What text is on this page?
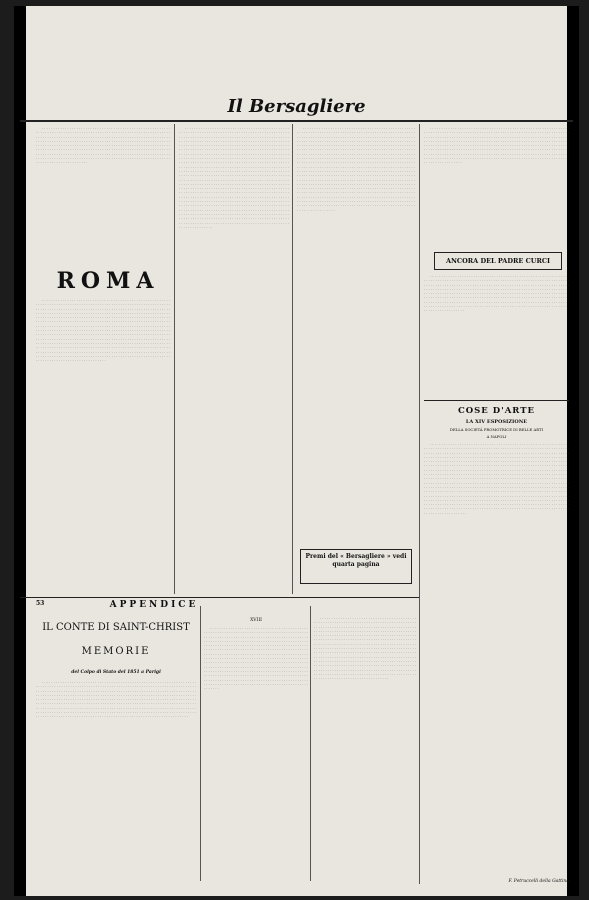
Il Bersagliere

. . . . . . . . . . . . . . . . . . . . . . . . . . . . . . . . . . . . . . . . . . . . . . . . . . . . . . . . . . . . . . . . . . . . . . . . . . . . . . . . . . . . . . . . . . . . . . . . . . . . . . . . . . . . . . . . . . . . . . . . . . . . . . . . . . . . . . . . . . . . . . . . . . . . . . . . . . . . . . . . . . . . . . . . . . . . . . . . . . . . . . . . . . . . . . . . . . . . . . . . . . . . . . . . . . . . . . . . . . . . . . . . . . . . . . . . . . . . . . . . . . . . . . . . . . . . . . . . . . . . . . . . . . . . . . . . . . . . . . . . . . . . . . . . . . . . . . . . . . . . . . . . . . . . . . . . . . . . . . . . . . . . . . . . . . . . . . . . . . . . . . . . . . . . . . . . . . . . . . . . . . . . . . . . . . . . . . . . . . . . . . . . . . . . . . . . . . . . . . . . . . . . . . . . . . . . . . . . . . . . . . . . . . . . . . . . . . . . . . . . . . . . . . . . . . . . . . . . . . . . . . . . . . . . . . . . . . . . . . . . . . . . . . . . . . . .

ROMA

. . . . . . . . . . . . . . . . . . . . . . . . . . . . . . . . . . . . . . . . . . . . . . . . . . . . . . . . . . . . . . . . . . . . . . . . . . . . . . . . . . . . . . . . . . . . . . . . . . . . . . . . . . . . . . . . . . . . . . . . . . . . . . . . . . . . . . . . . . . . . . . . . . . . . . . . . . . . . . . . . . . . . . . . . . . . . . . . . . . . . . . . . . . . . . . . . . . . . . . . . . . . . . . . . . . . . . . . . . . . . . . . . . . . . . . . . . . . . . . . . . . . . . . . . . . . . . . . . . . . . . . . . . . . . . . . . . . . . . . . . . . . . . . . . . . . . . . . . . . . . . . . . . . . . . . . . . . . . . . . . . . . . . . . . . . . . . . . . . . . . . . . . . . . . . . . . . . . . . . . . . . . . . . . . . . . . . . . . . . . . . . . . . . . . . . . . . . . . . . . . . . . . . . . . . . . . . . . . . . . . . . . . . . . . . . . . . . . . . . . . . . . . . . . . . . . . . . . . . . . . . . . . . . . . . . . . . . . . . . . . . . . . . . . . . . . . . . . . . . . . . . . . . . . . . . . . . . . . . . . . . . . . . . . . . . . . . . . . . . . . . . . . . . . . . . . . . . . . . . . . . . . . . . . . . . . . . . . . . . . . . . . . . . . . . . . . . . . . . . . . . . . . . . . . . . . . . . . . . . . . . . . . . . . . . . . . . . . . . . . . . . . . . . . . . . . . . . . . . . . . . . . . . . . . . . . . . . . . . . . . . . . . . . . . . . . . . . . . . . . . . . . . . . . . . . . . . . . . . . . . . . . . . . . . . . . . . . . . . . . . . . . . . . . . . . . . . . . . . . . . . . . . . . . . . . . . . . . . . . . . . . . . . . . . . . . . . . . . . . . . . . . . . . . . . . . . . . . . . . . . . . . . . . . . . . . . . . . . . . . . . . . . . . . . . . . . .

. . . . . . . . . . . . . . . . . . . . . . . . . . . . . . . . . . . . . . . . . . . . . . . . . . . . . . . . . . . . . . . . . . . . . . . . . . . . . . . . . . . . . . . . . . . . . . . . . . . . . . . . . . . . . . . . . . . . . . . . . . . . . . . . . . . . . . . . . . . . . . . . . . . . . . . . . . . . . . . . . . . . . . . . . . . . . . . . . . . . . . . . . . . . . . . . . . . . . . . . . . . . . . . . . . . . . . . . . . . . . . . . . . . . . . . . . . . . . . . . . . . . . . . . . . . . . . . . . . . . . . . . . . . . . . . . . . . . . . . . . . . . . . . . . . . . . . . . . . . . . . . . . . . . . . . . . . . . . . . . . . . . . . . . . . . . . . . . . . . . . . . . . . . . . . . . . . . . . . . . . . . . . . . . . . . . . . . . . . . . . . . . . . . . . . . . . . . . . . . . . . . . . . . . . . . . . . . . . . . . . . . . . . . . . . . . . . . . . . . . . . . . . . . . . . . . . . . . . . . . . . . . . . . . . . . . . . . . . . . . . . . . . . . . . . . . . . . . . . . . . . . . . . . . . . . . . . . . . . . . . . . . . . . . . . . . . . . . . . . . . . . . . . . . . . . . . . . . . . . . . . . . . . . . . . . . . . . . . . . . . . . . . . . . . . . . . . . . . . . . . . . . . . . . . . . . . . . . . . . . . . . . . . . . . . . . . . . . . . . . . . . . . . . . . . . . . . . . . . . . . . . . . . . . . . . . . . . . . . . . . . . . . . . . . . . . . . . . . . . . . . . . . . . . . . . . . . . . . . . . . . . . . . . . . . . . . . . . . . . . . . . . . . . . . . . . . . . . . . . . . . . . . . . . . . . . . . . . . . . . . . . . . . . . . . . . . . . . . . . . . . . . . . . . . . . . . . . . . . . . . . . . . . . . . . . . . . . . . . . . . . . . . . . . . . . . . . . . . . . . . . . . . . . . . . . . . . . . . . . . . . . . . . . . . . . . . . . . . . . . . . . . . . . . . . . . . . . . . . . . . . . . . . . . . . . . . . . . . . . . . . . . . . . . . . . . . . . . . . . . . . . . . . . . . . . . . . . . . . . . . . . . . . . . . . . . . . . . . . . . . . . . . . . . . . . . . . . . . . . . . . . . . . . . . . . . . . . . . . . . . . . . . . . . . . . . . . . . . . . . . . . . . . . . . . . . . . . . . . . . . . . . . . . . . . . . . . . . . . . . . . . . . . . . . . . . . . . . .

. . . . . . . . . . . . . . . . . . . . . . . . . . . . . . . . . . . . . . . . . . . . . . . . . . . . . . . . . . . . . . . . . . . . . . . . . . . . . . . . . . . . . . . . . . . . . . . . . . . . . . . . . . . . . . . . . . . . . . . . . . . . . . . . . . . . . . . . . . . . . . . . . . . . . . . . . . . . . . . . . . . . . . . . . . . . . . . . . . . . . . . . . . . . . . . . . . . . . . . . . . . . . . . . . . . . . . . . . . . . . . . . . . . . . . . . . . . . . . . . . . . . . . . . . . . . . . . . . . . . . . . . . . . . . . . . . . . . . . . . . . . . . . . . . . . . . . . . . . . . . . . . . . . . . . . . . . . . . . . . . . . . . . . . . . . . . . . . . . . . . . . . . . . . . . . . . . . . . . . . . . . . . . . . . . . . . . . . . . . . . . . . . . . . . . . . . . . . . . . . . . . . . . . . . . . . . . . . . . . . . . . . . . . . . . . . . . . . . . . . . . . . . . . . . . . . . . . . . . . . . . . . . . . . . . . . . . . . . . . . . . . . . . . . . . . . . . . . . . . . . . . . . . . . . . . . . . . . . . . . . . . . . . . . . . . . . . . . . . . . . . . . . . . . . . . . . . . . . . . . . . . . . . . . . . . . . . . . . . . . . . . . . . . . . . . . . . . . . . . . . . . . . . . . . . . . . . . . . . . . . . . . . . . . . . . . . . . . . . . . . . . . . . . . . . . . . . . . . . . . . . . . . . . . . . . . . . . . . . . . . . . . . . . . . . . . . . . . . . . . . . . . . . . . . . . . . . . . . . . . . . . . . . . . . . . . . . . . . . . . . . . . . . . . . . . . . . . . . . . . . . . . . . . . . . . . . . . . . . . . . . . . . . . . . . . . . . . . . . . . . . . . . . . . . . . . . . . . . . . . . . . . . . . . . . . . . . . . . . . . . . . . . . . . . . . . . . . . . . . . . . . . . . . . . . . . . . . . . . . . . . . . . . . . . . . . . . . . . . . . . . . . . . . . . . . . . . . . . . . . . . . . . . . . . . . . . . . . . . . . . . . . . . . . . . . . . . . . . . . . . . . . . . . . . . . . . . . . . . . . . . . . . . . . . . . . . . . . . . . . . .

Premi del « Bersagliere » vedi quarta pagina

. . . . . . . . . . . . . . . . . . . . . . . . . . . . . . . . . . . . . . . . . . . . . . . . . . . . . . . . . . . . . . . . . . . . . . . . . . . . . . . . . . . . . . . . . . . . . . . . . . . . . . . . . . . . . . . . . . . . . . . . . . . . . . . . . . . . . . . . . . . . . . . . . . . . . . . . . . . . . . . . . . . . . . . . . . . . . . . . . . . . . . . . . . . . . . . . . . . . . . . . . . . . . . . . . . . . . . . . . . . . . . . . . . . . . . . . . . . . . . . . . . . . . . . . . . . . . . . . . . . . . . . . . . . . . . . . . . . . . . . . . . . . . . . . . . . . . . . . . . . . . . . . . . . . . . . . . . . . . . . . . . . . . . . . . . . . . . . . . . . . . . . . . . . . . . . . . . . . . . . . . . . . . . . . . . . . . . . . . . . . . . . . . . . . . . . . . . . . . . . . . . . . . . . . . . . . . . . . . . . . . . . . . . . . . . . . . . . . . . . . . . . . . . . . . . . . . . . . . . . . . . . . . . . . . . . . . . . . . . . . . . . . . . . . . . . . . . . . . . . . . . . . . . . . . . . . . . . . . . .

ANCORA DEL PADRE CURCI

. . . . . . . . . . . . . . . . . . . . . . . . . . . . . . . . . . . . . . . . . . . . . . . . . . . . . . . . . . . . . . . . . . . . . . . . . . . . . . . . . . . . . . . . . . . . . . . . . . . . . . . . . . . . . . . . . . . . . . . . . . . . . . . . . . . . . . . . . . . . . . . . . . . . . . . . . . . . . . . . . . . . . . . . . . . . . . . . . . . . . . . . . . . . . . . . . . . . . . . . . . . . . . . . . . . . . . . . . . . . . . . . . . . . . . . . . . . . . . . . . . . . . . . . . . . . . . . . . . . . . . . . . . . . . . . . . . . . . . . . . . . . . . . . . . . . . . . . . . . . . . . . . . . . . . . . . . . . . . . . . . . . . . . . . . . . . . . . . . . . . . . . . . . . . . . . . . . . . . . . . . . . . . . . . . . . . . . . . . . . . . . . . . . . . . . . . . . . . . . . . . . . . . . . . . . . . . . . . . . . . . . . . . . . . . . . . . . . . . . . . . . . . . . . . . . . . . . . . . . . . . . . . . . . . . . . . . . . . . . . . . . . . . . . . . . . . . . . . . . . . . . . . . . . . . . . . . . . . . . .

COSE D'ARTE
LA XIV ESPOSIZIONE
DELLA SOCIETÀ PROMOTRICE DI BELLE ARTI
A NAPOLI

. . . . . . . . . . . . . . . . . . . . . . . . . . . . . . . . . . . . . . . . . . . . . . . . . . . . . . . . . . . . . . . . . . . . . . . . . . . . . . . . . . . . . . . . . . . . . . . . . . . . . . . . . . . . . . . . . . . . . . . . . . . . . . . . . . . . . . . . . . . . . . . . . . . . . . . . . . . . . . . . . . . . . . . . . . . . . . . . . . . . . . . . . . . . . . . . . . . . . . . . . . . . . . . . . . . . . . . . . . . . . . . . . . . . . . . . . . . . . . . . . . . . . . . . . . . . . . . . . . . . . . . . . . . . . . . . . . . . . . . . . . . . . . . . . . . . . . . . . . . . . . . . . . . . . . . . . . . . . . . . . . . . . . . . . . . . . . . . . . . . . . . . . . . . . . . . . . . . . . . . . . . . . . . . . . . . . . . . . . . . . . . . . . . . . . . . . . . . . . . . . . . . . . . . . . . . . . . . . . . . . . . . . . . . . . . . . . . . . . . . . . . . . . . . . . . . . . . . . . . . . . . . . . . . . . . . . . . . . . . . . . . . . . . . . . . . . . . . . . . . . . . . . . . . . . . . . . . . . . . . . . . . . . . . . . . . . . . . . . . . . . . . . . . . . . . . . . . . . . . . . . . . . . . . . . . . . . . . . . . . . . . . . . . . . . . . . . . . . . . . . . . . . . . . . . . . . . . . . . . . . . . . . . . . . . . . . . . . . . . . . . . . . . . . . . . . . . . . . . . . . . . . . . . . . . . . . . . . . . . . . . . . . . . . . . . . . . . . . . . . . . . . . . . . . . . . . . . . . . . . . . . . . . . . . . . . . . . . . . . . . . . . . . . . . . . . . . . . . . . . . . . . . . . . . . . . . . . . . . . . . . . . . . . . . . . . . . . . . . . . . . . . . . . . . . . . . . . . . . . . . . . . . . . . . . . . . . . . . . . . . . . . . . . . . . . . . . . . . . . . . . . . . . . . . . . . . . . . . . . . . . . . . . . . . . . . . . . . . . . . . . . . . . . . . . . . . . . . . . . . . . . . . . . . . . . . . . . . . . . . . . . . . . . . . . . . . . . . . . . . . . . . . . . . . . . . . . . . . . . . . . . . . . . . . . . . . . . . . . . . . . . . . . . . . . . . . . . . . . . . . . . . .

F. Petruccelli della Gattina
53	APPENDICE
IL CONTE DI SAINT-CHRIST
MEMORIE
del Colpo di Stato del 1851 a Parigi

. . . . . . . . . . . . . . . . . . . . . . . . . . . . . . . . . . . . . . . . . . . . . . . . . . . . . . . . . . . . . . . . . . . . . . . . . . . . . . . . . . . . . . . . . . . . . . . . . . . . . . . . . . . . . . . . . . . . . . . . . . . . . . . . . . . . . . . . . . . . . . . . . . . . . . . . . . . . . . . . . . . . . . . . . . . . . . . . . . . . . . . . . . . . . . . . . . . . . . . . . . . . . . . . . . . . . . . . . . . . . . . . . . . . . . . . . . . . . . . . . . . . . . . . . . . . . . . . . . . . . . . . . . . . . . . . . . . . . . . . . . . . . . . . . . . . . . . . . . . . . . . . . . . . . . . . . . . . . . . . . . . . . . . . . . . . . . . . . . . . . . . . . . . . . . . . . . . . . . . . . . . . . . . . . . . . . . . . . . . . . . . . . . . . . . . . . . . . . . . . . . . . . . . . . . . . . . . . . . . . . . . . . . . . . . . . . . . . . . . . . . . . . . . . . . . . . . . . . . . . . . . . . . . . . . . . . . . . . . . . . . . . . . . . . . . . . . . . . . . . . . . . . . . . . . . . . . . . . . . . . . . . . . . . . . . . . . . . . . . . . . . . . . . . . . . . . . . . . . . . . . . . . . . . . . . . . . . . . . . . . . . . . . . . . . . . . . . . . . . . . . . . . . . . . . . . . . . . . . . . . . . .

XVIII

. . . . . . . . . . . . . . . . . . . . . . . . . . . . . . . . . . . . . . . . . . . . . . . . . . . . . . . . . . . . . . . . . . . . . . . . . . . . . . . . . . . . . . . . . . . . . . . . . . . . . . . . . . . . . . . . . . . . . . . . . . . . . . . . . . . . . . . . . . . . . . . . . . . . . . . . . . . . . . . . . . . . . . . . . . . . . . . . . . . . . . . . . . . . . . . . . . . . . . . . . . . . . . . . . . . . . . . . . . . . . . . . . . . . . . . . . . . . . . . . . . . . . . . . . . . . . . . . . . . . . . . . . . . . . . . . . . . . . . . . . . . . . . . . . . . . . . . . . . . . . . . . . . . . . . . . . . . . . . . . . . . . . . . . . . . . . . . . . . . . . . . . . . . . . . . . . . . . . . . . . . . . . . . . . . . . . . . . . . . . . . . . . . . . . . . . . . . . . . . . . . . . . . . . . . . . . . . . . . . . . . . . . . . . . . . . . . . . . . . . . . . . . . . . . . . . . . . . . . . . . . . . . . . . . . . . . . . . . . . . . . . . . . . . . . . . . . . . . . . . . . . . . . . . . . . . . . . . . . . . . . . . . . . . . . . . . . . . . . . . . . . . . . . . . . . . . . . . . . . . . . . . . . . . . . . . . . . . . . . . . . . . . . . . . . . . . . . . . . . . . . . . . . . . . . . . . . . . . . . . . . . . . . . . . . . . . . . . . . . . . . . . . . . .

. . . . . . . . . . . . . . . . . . . . . . . . . . . . . . . . . . . . . . . . . . . . . . . . . . . . . . . . . . . . . . . . . . . . . . . . . . . . . . . . . . . . . . . . . . . . . . . . . . . . . . . . . . . . . . . . . . . . . . . . . . . . . . . . . . . . . . . . . . . . . . . . . . . . . . . . . . . . . . . . . . . . . . . . . . . . . . . . . . . . . . . . . . . . . . . . . . . . . . . . . . . . . . . . . . . . . . . . . . . . . . . . . . . . . . . . . . . . . . . . . . . . . . . . . . . . . . . . . . . . . . . . . . . . . . . . . . . . . . . . . . . . . . . . . . . . . . . . . . . . . . . . . . . . . . . . . . . . . . . . . . . . . . . . . . . . . . . . . . . . . . . . . . . . . . . . . . . . . . . . . . . . . . . . . . . . . . . . . . . . . . . . . . . . . . . . . . . . . . . . . . . . . . . . . . . . . . . . . . . . . . . . . . . . . . . . . . . . . . . . . . . . . . . . . . . . . . . . . . . . . . . . . . . . . . . . . . . . . . . . . . . . . . . . . . . . . . . . . . . . . . . . . . . . . . . . . . . . . . . . . . . . . . . . . . . . . . . . . . . . . . . . . . . . . . . . . . . . . . . . . . . . . . . . . . . . . . . . . . . . . . . . . . . . . . . . . . . . . . . . . . . . . . . . . . . . . . . . . . . . . . . . . . . . . . . . . . . . . . . . . . . . . . . . . . . . . . . . . . . .
